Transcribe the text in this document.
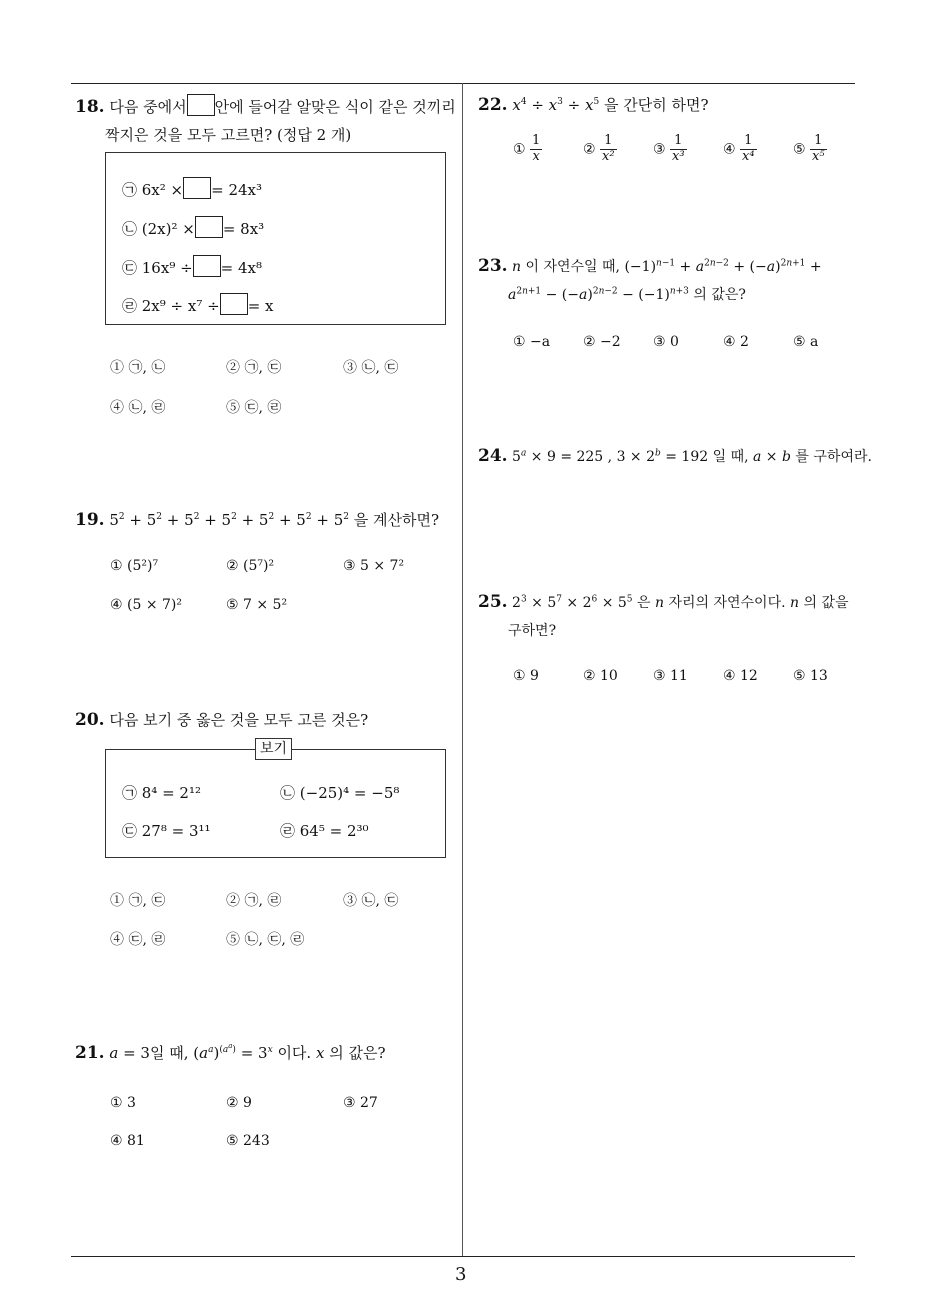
18. 다음 중에서 안에 들어갈 알맞은 식이 같은 것끼리
짝지은 것을 모두 고르면? (정답 2 개)
㉠ 6x² × = 24x³
㉡ (2x)² × = 8x³
㉢ 16x⁹ ÷ = 4x⁸
㉣ 2x⁹ ÷ x⁷ ÷ = x
① ㉠, ㉡	② ㉠, ㉢	③ ㉡, ㉢
④ ㉡, ㉣	⑤ ㉢, ㉣
19. $5^2 + 5^2 + 5^2 + 5^2 + 5^2 + 5^2 + 5^2$ 을 계산하면?
① (5²)⁷	② (5⁷)²	③ 5 × 7²
④ (5 × 7)²	⑤ 7 × 5²
20. 다음 보기 중 옳은 것을 모두 고른 것은?
보기
㉠ 8⁴ = 2¹²	㉡ (−25)⁴ = −5⁸
㉢ 27⁸ = 3¹¹	㉣ 64⁵ = 2³⁰
① ㉠, ㉢	② ㉠, ㉣	③ ㉡, ㉢
④ ㉢, ㉣	⑤ ㉡, ㉢, ㉣
21. a = 3일 때, $(a^a)^{(a^a)} = 3^x$ 이다. x 의 값은?
① 3	② 9	③ 27
④ 81	⑤ 243
22. $x^4 \div x^3 \div x^5$ 을 간단히 하면?
① $\frac{1}{x}$	② $\frac{1}{\text{x²}}$	③ $\frac{1}{\text{x³}}$	④ $\frac{1}{\text{x⁴}}$	⑤ $\frac{1}{\text{x⁵}}$
23. n 이 자연수일 때, $(-1)^{n-1} + a^{2n-2} + (-a)^{2n+1}$ +
$a^{2n+1} - (-a)^{2n-2} - (-1)^{n+3}$ 의 값은?
① −a ② −2 ③ 0	④ 2	⑤ a
24. $5^a \times 9 = 225$ , $3 \times 2^b = 192$ 일 때, a × b 를 구하여라.
25. $2^3 \times 5^7 \times 2^6 \times 5^5$ 은 n 자리의 자연수이다. n 의 값을
구하면?
① 9	② 10	③ 11	④ 12	⑤ 13
3
